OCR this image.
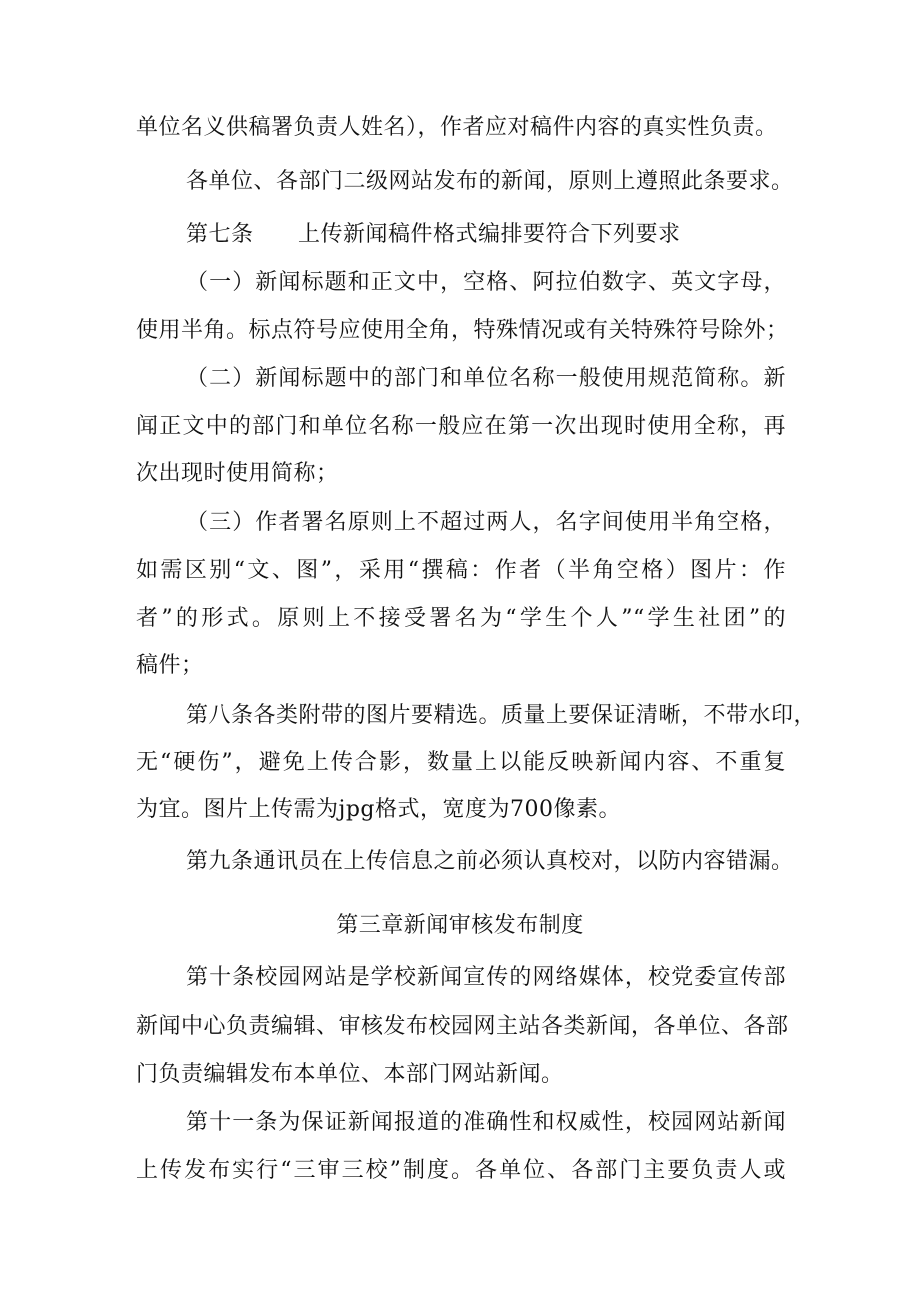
单位名义供稿署负责人姓名），作者应对稿件内容的真实性负责。
各单位、各部门二级网站发布的新闻，原则上遵照此条要求。
第七条 上传新闻稿件格式编排要符合下列要求
（一）新闻标题和正文中，空格、阿拉伯数字、英文字母，
使用半角。标点符号应使用全角，特殊情况或有关特殊符号除外；
（二）新闻标题中的部门和单位名称一般使用规范简称。新
闻正文中的部门和单位名称一般应在第一次出现时使用全称，再
次出现时使用简称；
（三）作者署名原则上不超过两人，名字间使用半角空格，
如需区别“文、图”，采用“撰稿：作者（半角空格）图片：作
者”的形式。原则上不接受署名为“学生个人”“学生社团”的
稿件；
第八条各类附带的图片要精选。质量上要保证清晰，不带水印，
无“硬伤”，避免上传合影，数量上以能反映新闻内容、不重复
为宜。图片上传需为jpg格式，宽度为700像素。
第九条通讯员在上传信息之前必须认真校对，以防内容错漏。
第三章新闻审核发布制度
第十条校园网站是学校新闻宣传的网络媒体，校党委宣传部
新闻中心负责编辑、审核发布校园网主站各类新闻，各单位、各部
门负责编辑发布本单位、本部门网站新闻。
第十一条为保证新闻报道的准确性和权威性，校园网站新闻
上传发布实行“三审三校”制度。各单位、各部门主要负责人或
